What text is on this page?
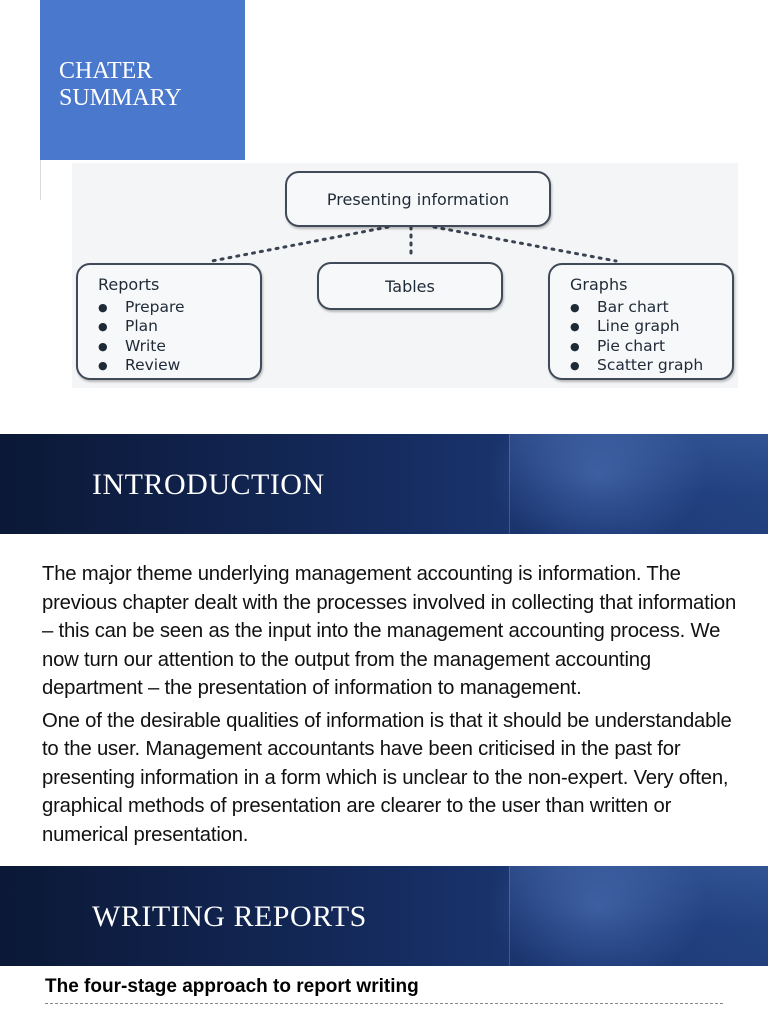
CHATER SUMMARY
Presenting information
Tables
Reports
● Prepare
● Plan
● Write
● Review
Graphs
● Bar chart
● Line graph
● Pie chart
● Scatter graph
INTRODUCTION

The major theme underlying management accounting is information. The previous chapter dealt with the processes involved in collecting that information – this can be seen as the input into the management accounting process. We now turn our attention to the output from the management accounting department – the presentation of information to management.

One of the desirable qualities of information is that it should be understandable to the user. Management accountants have been criticised in the past for presenting information in a form which is unclear to the non-expert. Very often, graphical methods of presentation are clearer to the user than written or numerical presentation.

WRITING REPORTS
The four-stage approach to report writing
